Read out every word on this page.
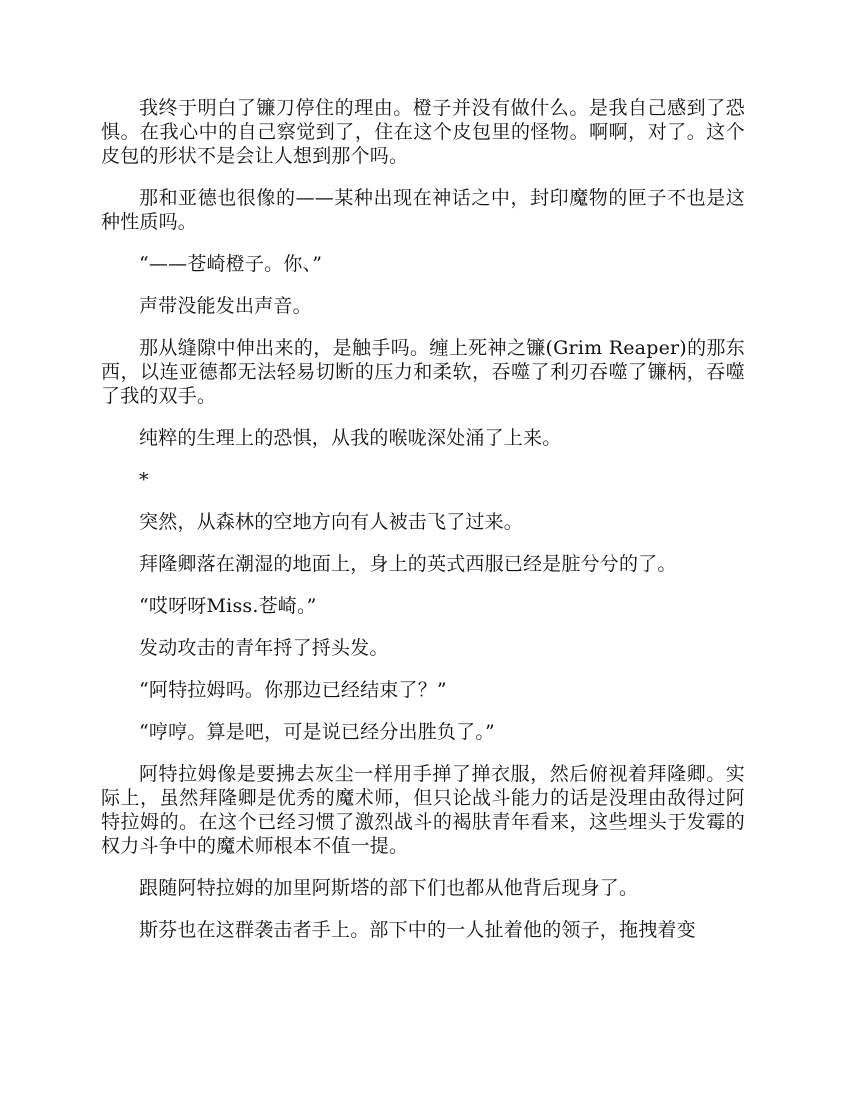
我终于明白了镰刀停住的理由。橙子并没有做什么。是我自己感到了恐惧。在我心中的自己察觉到了，住在这个皮包里的怪物。啊啊，对了。这个皮包的形状不是会让人想到那个吗。

那和亚德也很像的——某种出现在神话之中，封印魔物的匣子不也是这种性质吗。

“——苍崎橙子。你、”

声带没能发出声音。

那从缝隙中伸出来的，是触手吗。缠上死神之镰(Grim Reaper)的那东西，以连亚德都无法轻易切断的压力和柔软，吞噬了利刃吞噬了镰柄，吞噬了我的双手。

纯粹的生理上的恐惧，从我的喉咙深处涌了上来。

*

突然，从森林的空地方向有人被击飞了过来。

拜隆卿落在潮湿的地面上，身上的英式西服已经是脏兮兮的了。

“哎呀呀Miss.苍崎。”

发动攻击的青年捋了捋头发。

“阿特拉姆吗。你那边已经结束了？”

“哼哼。算是吧，可是说已经分出胜负了。”

阿特拉姆像是要拂去灰尘一样用手掸了掸衣服，然后俯视着拜隆卿。实际上，虽然拜隆卿是优秀的魔术师，但只论战斗能力的话是没理由敌得过阿特拉姆的。在这个已经习惯了激烈战斗的褐肤青年看来，这些埋头于发霉的权力斗争中的魔术师根本不值一提。

跟随阿特拉姆的加里阿斯塔的部下们也都从他背后现身了。

斯芬也在这群袭击者手上。部下中的一人扯着他的领子，拖拽着变
